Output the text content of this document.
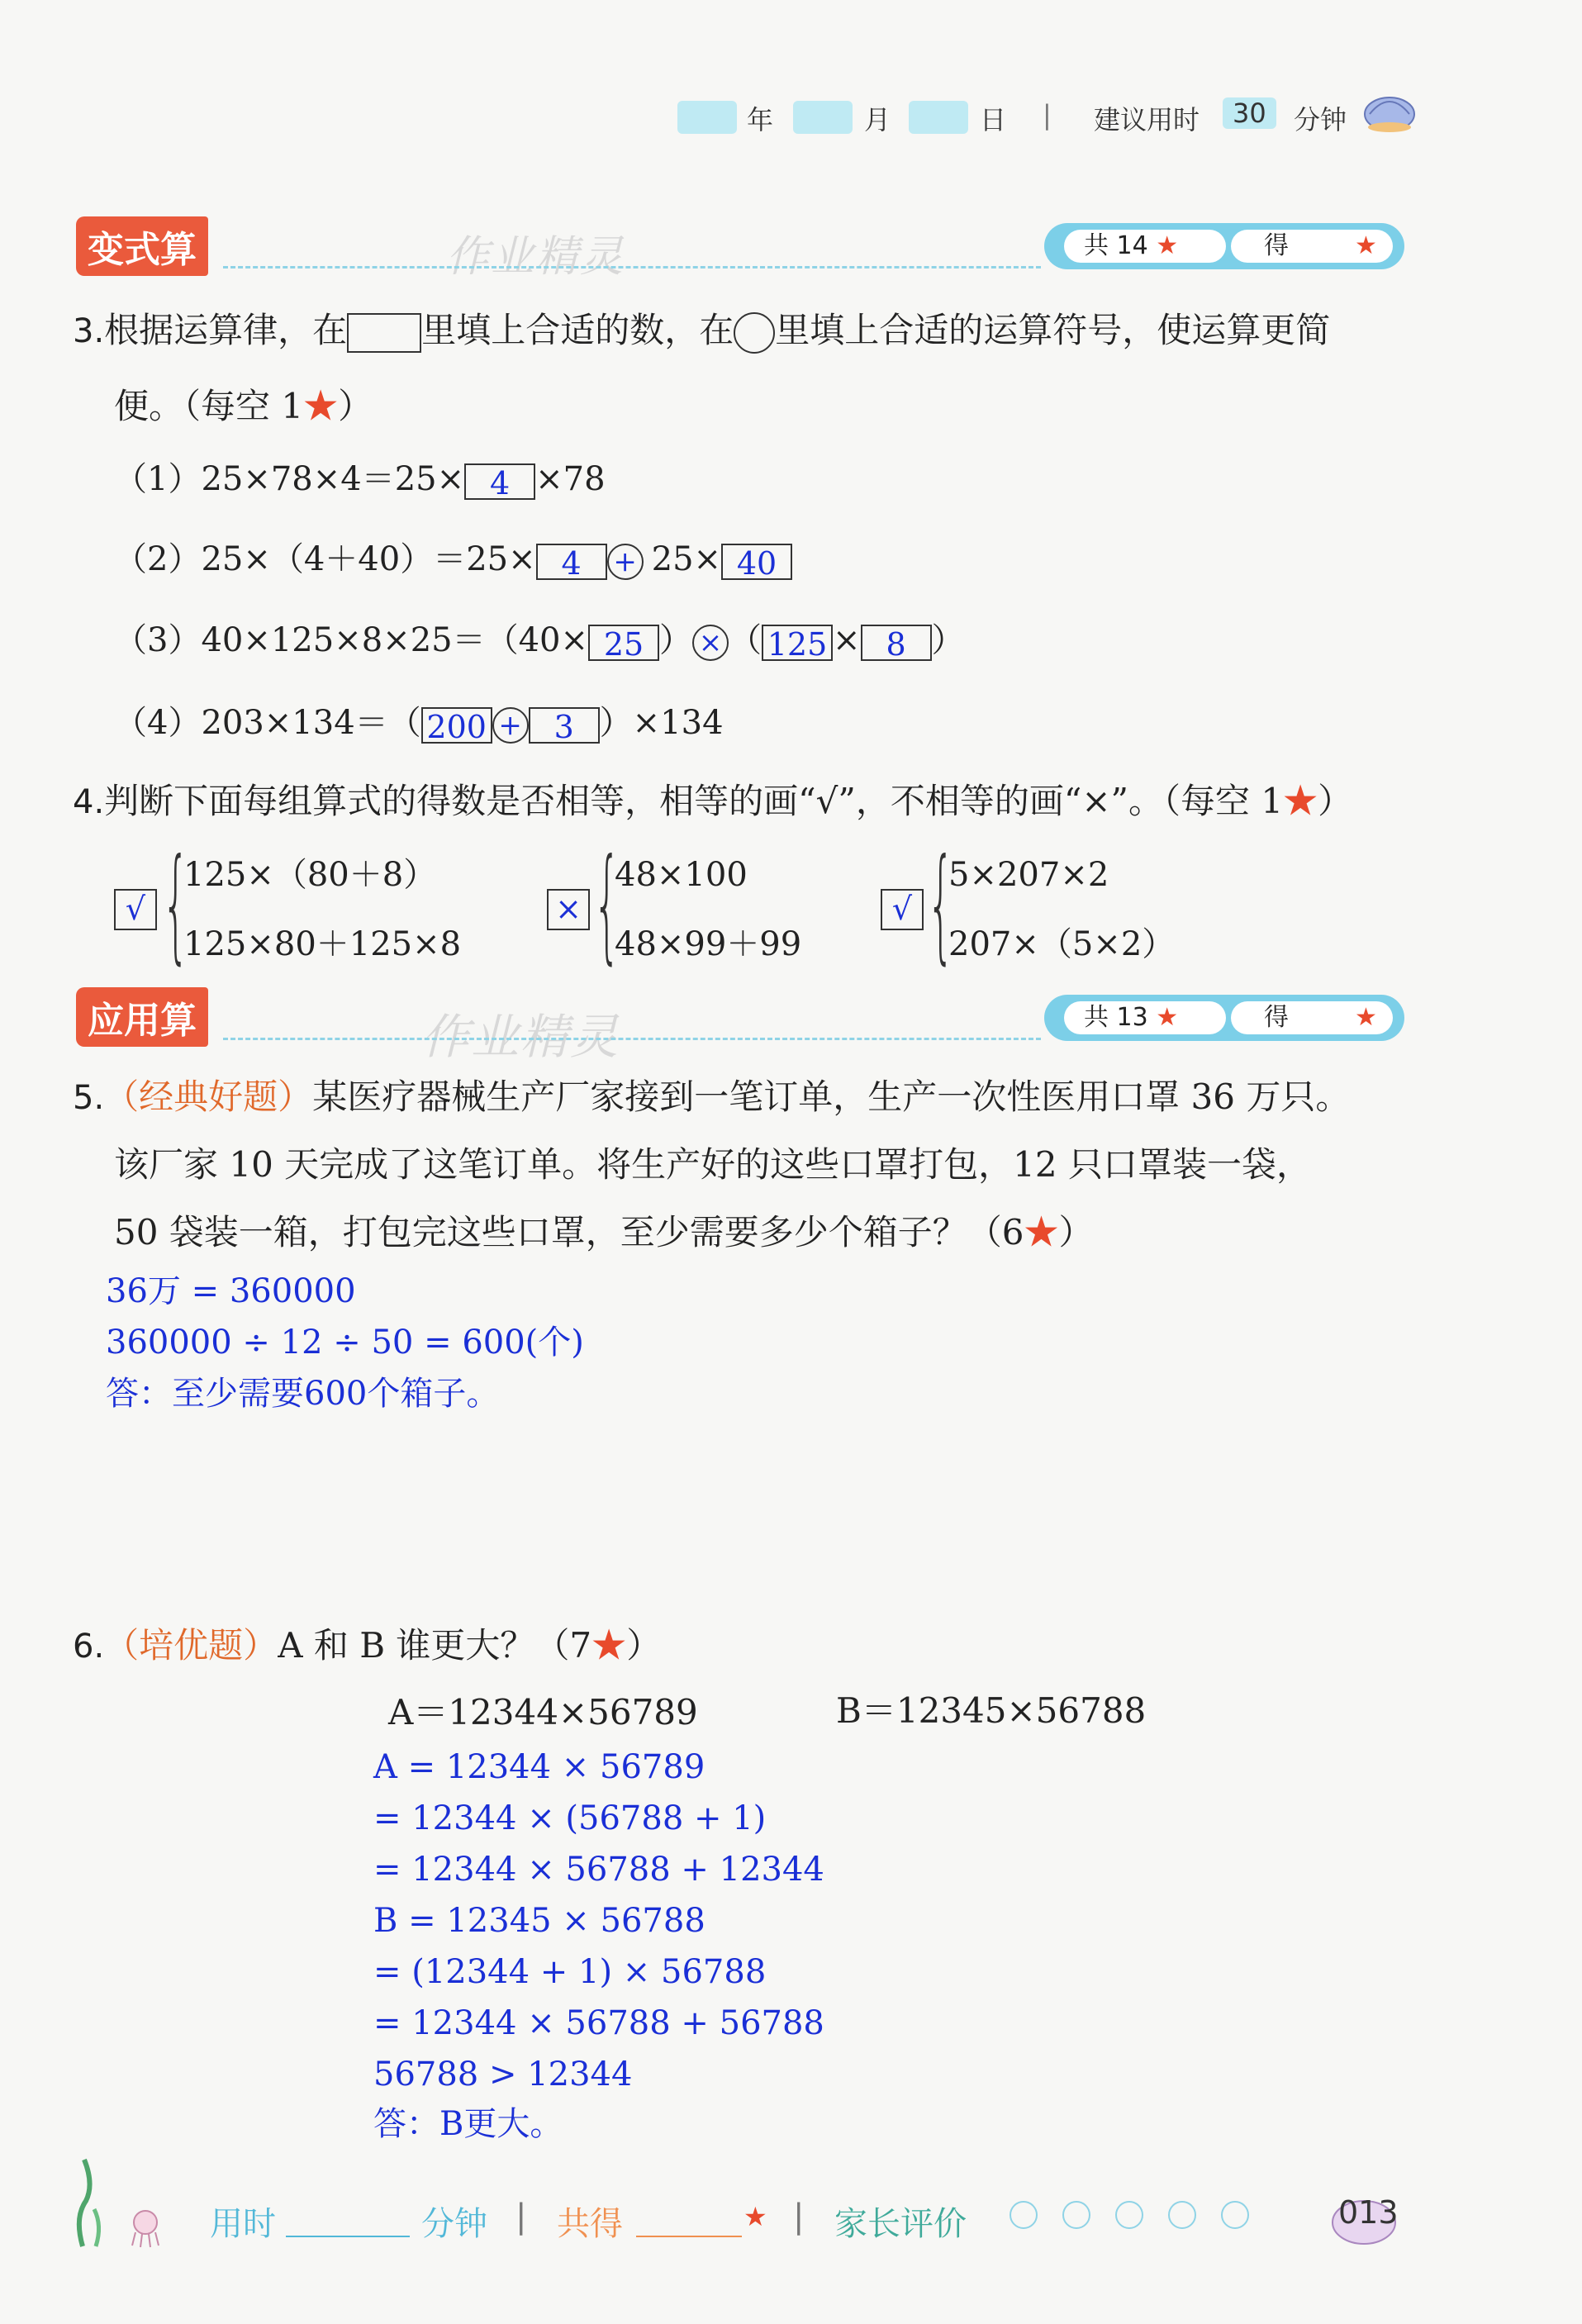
年	月	日 | 建议用时	30	分钟
变式算	作业精灵	共 14 ★	得	★
3.根据运算律，在 里填上合适的数，在 里填上合适的运算符号，使运算更简
便。（每空 1★）
（1）25×78×4＝25× 4 ×78
（2）25×（4＋40）＝25× 4 + 25× 40
（3）40×125×8×25＝（40× 25 ） × （ 125 × 8 ）
（4）203×134＝（ 200 + 3 ）×134
4.判断下面每组算式的得数是否相等，相等的画“√”，不相等的画“×”。（每空 1★）
√ {
125×（80＋8）
125×80＋125×8
× {
48×100
48×99＋99
√ {
5×207×2
207×（5×2）
应用算	作业精灵	共 13 ★	得	★
5.（经典好题）某医疗器械生产厂家接到一笔订单，生产一次性医用口罩 36 万只。
该厂家 10 天完成了这笔订单。将生产好的这些口罩打包，12 只口罩装一袋，
50 袋装一箱，打包完这些口罩，至少需要多少个箱子？（6★）
36万 = 360000
360000 ÷ 12 ÷ 50 = 600(个)
答：至少需要600个箱子。
6.（培优题）A 和 B 谁更大？（7★）
A＝12344×56789	B＝12345×56788
A = 12344 × 56789
= 12344 × (56788 + 1)
= 12344 × 56788 + 12344
B = 12345 × 56788
= (12344 + 1) × 56788
= 12344 × 56788 + 56788
56788 > 12344
答：B更大。
用时	分钟 | 共得	★ | 家长评价	013
